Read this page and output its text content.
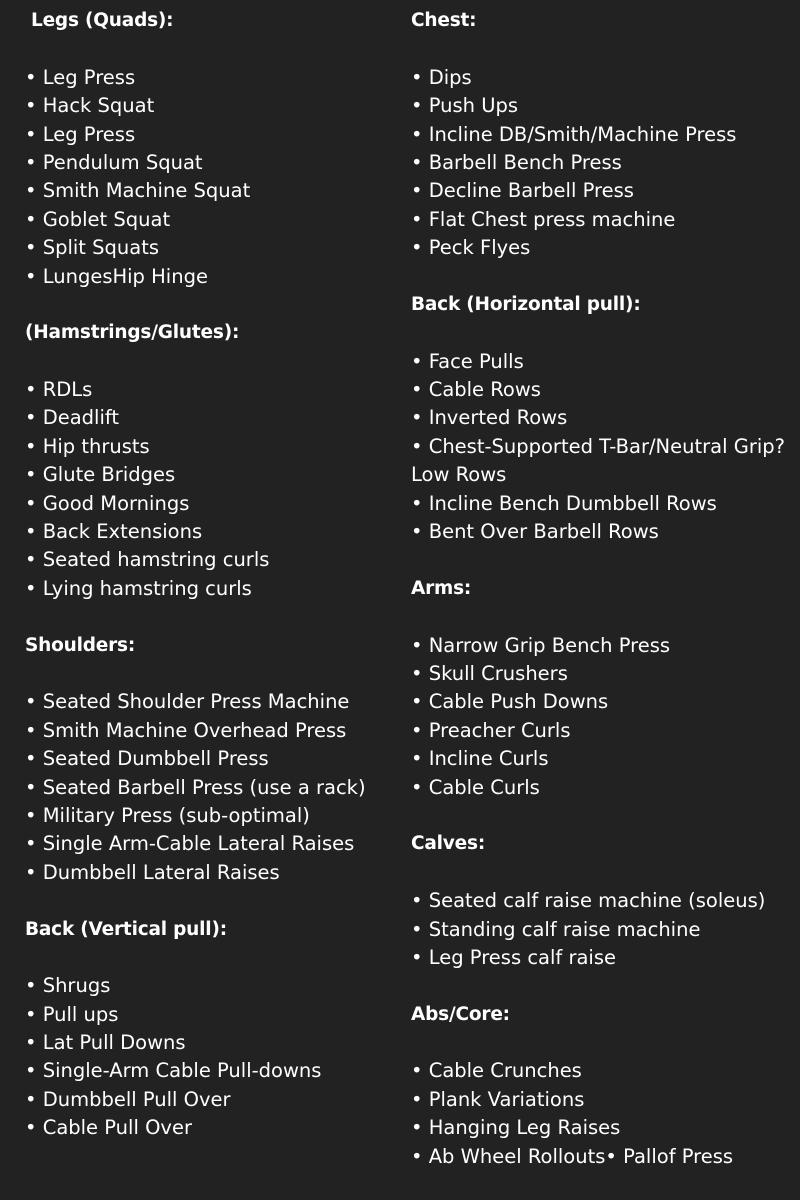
Legs (Quads):
• Leg Press
• Hack Squat
• Leg Press
• Pendulum Squat
• Smith Machine Squat
• Goblet Squat
• Split Squats
• LungesHip Hinge
(Hamstrings/Glutes):
• RDLs
• Deadlift
• Hip thrusts
• Glute Bridges
• Good Mornings
• Back Extensions
• Seated hamstring curls
• Lying hamstring curls
Shoulders:
• Seated Shoulder Press Machine
• Smith Machine Overhead Press
• Seated Dumbbell Press
• Seated Barbell Press (use a rack)
• Military Press (sub-optimal)
• Single Arm-Cable Lateral Raises
• Dumbbell Lateral Raises
Back (Vertical pull):
• Shrugs
• Pull ups
• Lat Pull Downs
• Single-Arm Cable Pull-downs
• Dumbbell Pull Over
• Cable Pull Over
Chest:
• Dips
• Push Ups
• Incline DB/Smith/Machine Press
• Barbell Bench Press
• Decline Barbell Press
• Flat Chest press machine
• Peck Flyes
Back (Horizontal pull):
• Face Pulls
• Cable Rows
• Inverted Rows
• Chest-Supported T-Bar/Neutral Grip?
Low Rows
• Incline Bench Dumbbell Rows
• Bent Over Barbell Rows
Arms:
• Narrow Grip Bench Press
• Skull Crushers
• Cable Push Downs
• Preacher Curls
• Incline Curls
• Cable Curls
Calves:
• Seated calf raise machine (soleus)
• Standing calf raise machine
• Leg Press calf raise
Abs/Core:
• Cable Crunches
• Plank Variations
• Hanging Leg Raises
• Ab Wheel Rollouts• Pallof Press
